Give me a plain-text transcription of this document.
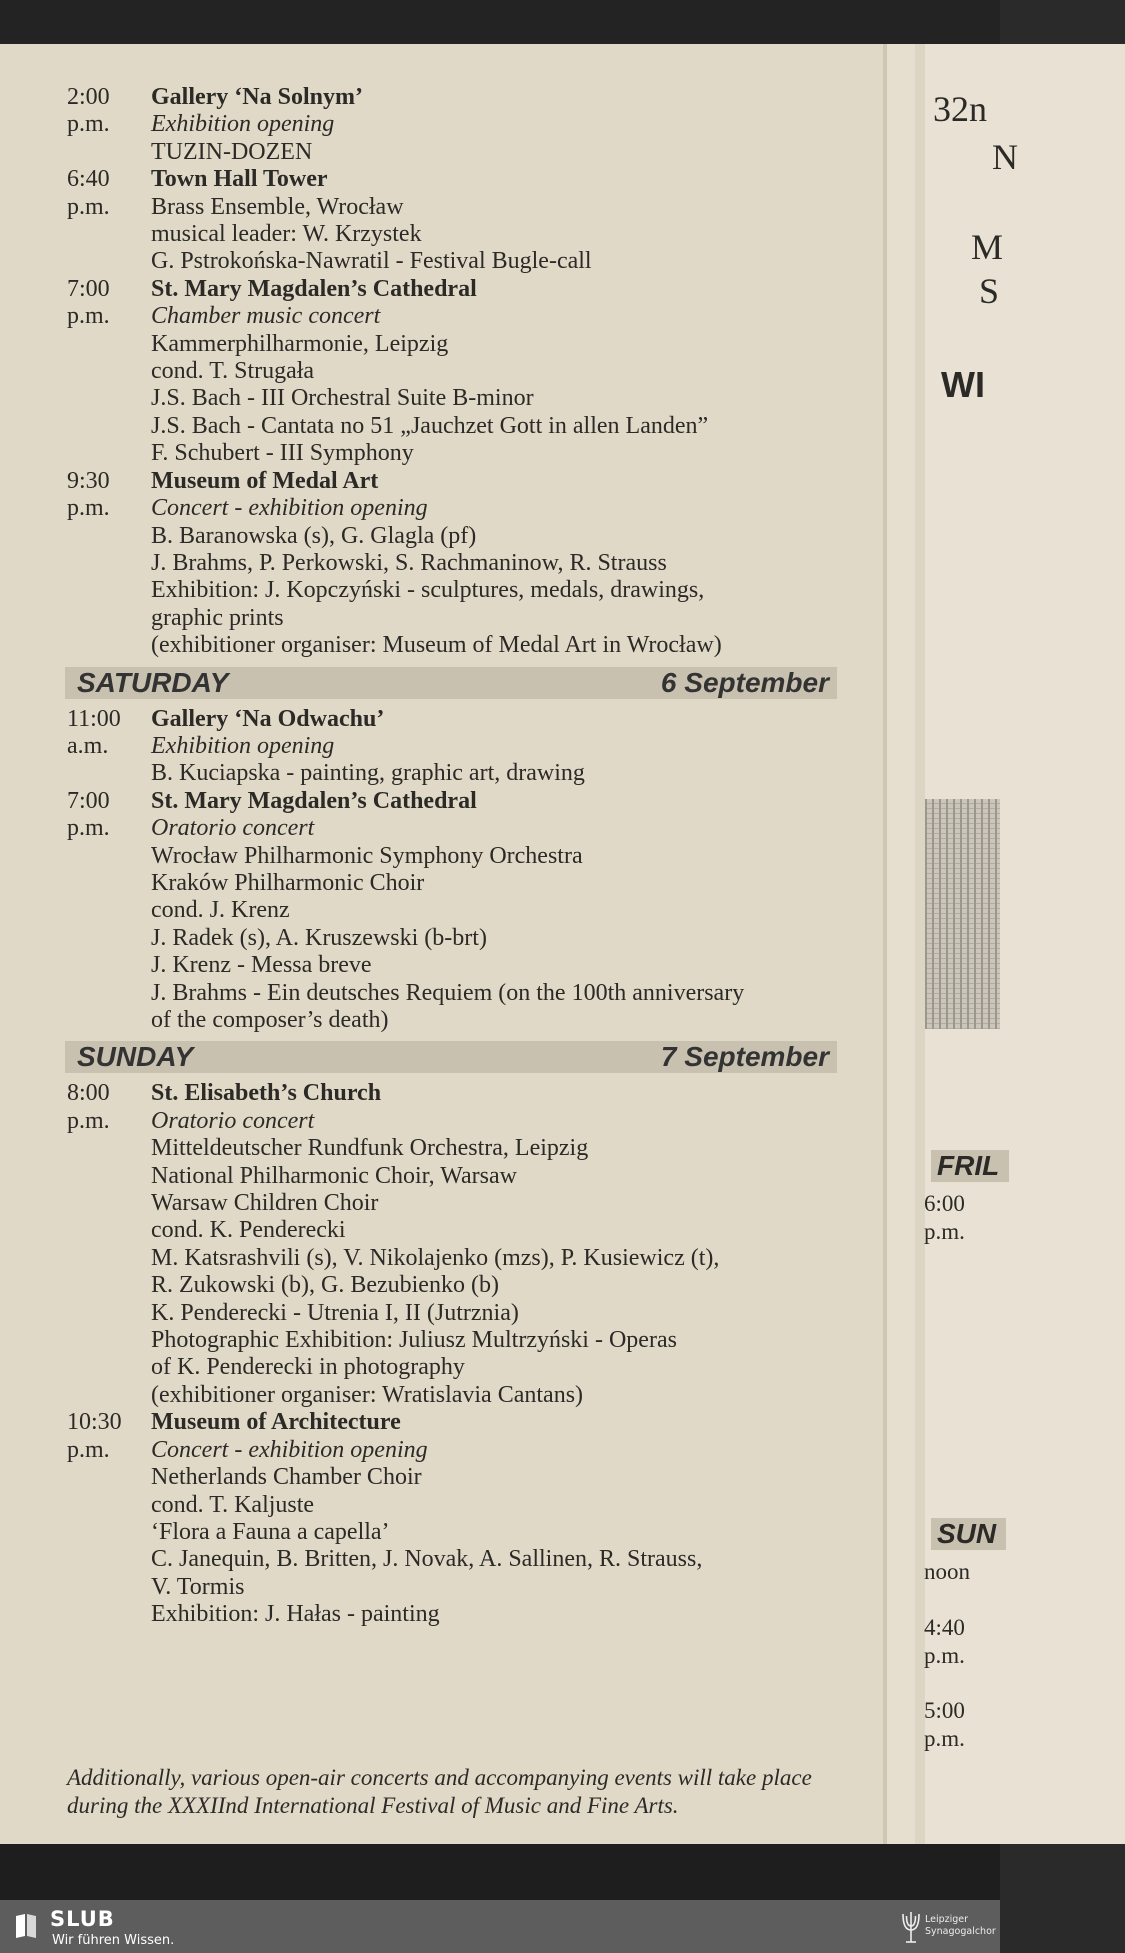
2:00	Gallery ‘Na Solnym’
p.m.	Exhibition opening
TUZIN-DOZEN
6:40	Town Hall Tower
p.m.	Brass Ensemble, Wrocław
musical leader: W. Krzystek
G. Pstrokońska-Nawratil - Festival Bugle-call
7:00	St. Mary Magdalen’s Cathedral
p.m.	Chamber music concert
Kammerphilharmonie, Leipzig
cond. T. Strugała
J.S. Bach - III Orchestral Suite B-minor
J.S. Bach - Cantata no 51 „Jauchzet Gott in allen Landen”
F. Schubert - III Symphony
9:30	Museum of Medal Art
p.m.	Concert - exhibition opening
B. Baranowska (s), G. Glagla (pf)
J. Brahms, P. Perkowski, S. Rachmaninow, R. Strauss
Exhibition: J. Kopczyński - sculptures, medals, drawings,
graphic prints
(exhibitioner organiser: Museum of Medal Art in Wrocław)
SATURDAY	6 September
11:00	Gallery ‘Na Odwachu’
a.m.	Exhibition opening
B. Kuciapska - painting, graphic art, drawing
7:00	St. Mary Magdalen’s Cathedral
p.m.	Oratorio concert
Wrocław Philharmonic Symphony Orchestra
Kraków Philharmonic Choir
cond. J. Krenz
J. Radek (s), A. Kruszewski (b-brt)
J. Krenz - Messa breve
J. Brahms - Ein deutsches Requiem (on the 100th anniversary
of the composer’s death)
SUNDAY	7 September
8:00	St. Elisabeth’s Church
p.m.	Oratorio concert
Mitteldeutscher Rundfunk Orchestra, Leipzig
National Philharmonic Choir, Warsaw
Warsaw Children Choir
cond. K. Penderecki
M. Katsrashvili (s), V. Nikolajenko (mzs), P. Kusiewicz (t),
R. Zukowski (b), G. Bezubienko (b)
K. Penderecki - Utrenia I, II (Jutrznia)
Photographic Exhibition: Juliusz Multrzyński - Operas
of K. Penderecki in photography
(exhibitioner organiser: Wratislavia Cantans)
10:30	Museum of Architecture
p.m.	Concert - exhibition opening
Netherlands Chamber Choir
cond. T. Kaljuste
‘Flora a Fauna a capella’
C. Janequin, B. Britten, J. Novak, A. Sallinen, R. Strauss,
V. Tormis
Exhibition: J. Hałas - painting
Additionally, various open-air concerts and accompanying events will take place during the XXXIInd International Festival of Music and Fine Arts.
32n
N
M
S
WI
FRIL
SUN
6:00
p.m.
noon
4:40
p.m.
5:00
p.m.
SLUB
Wir führen Wissen.
Leipziger
Synagogalchor
